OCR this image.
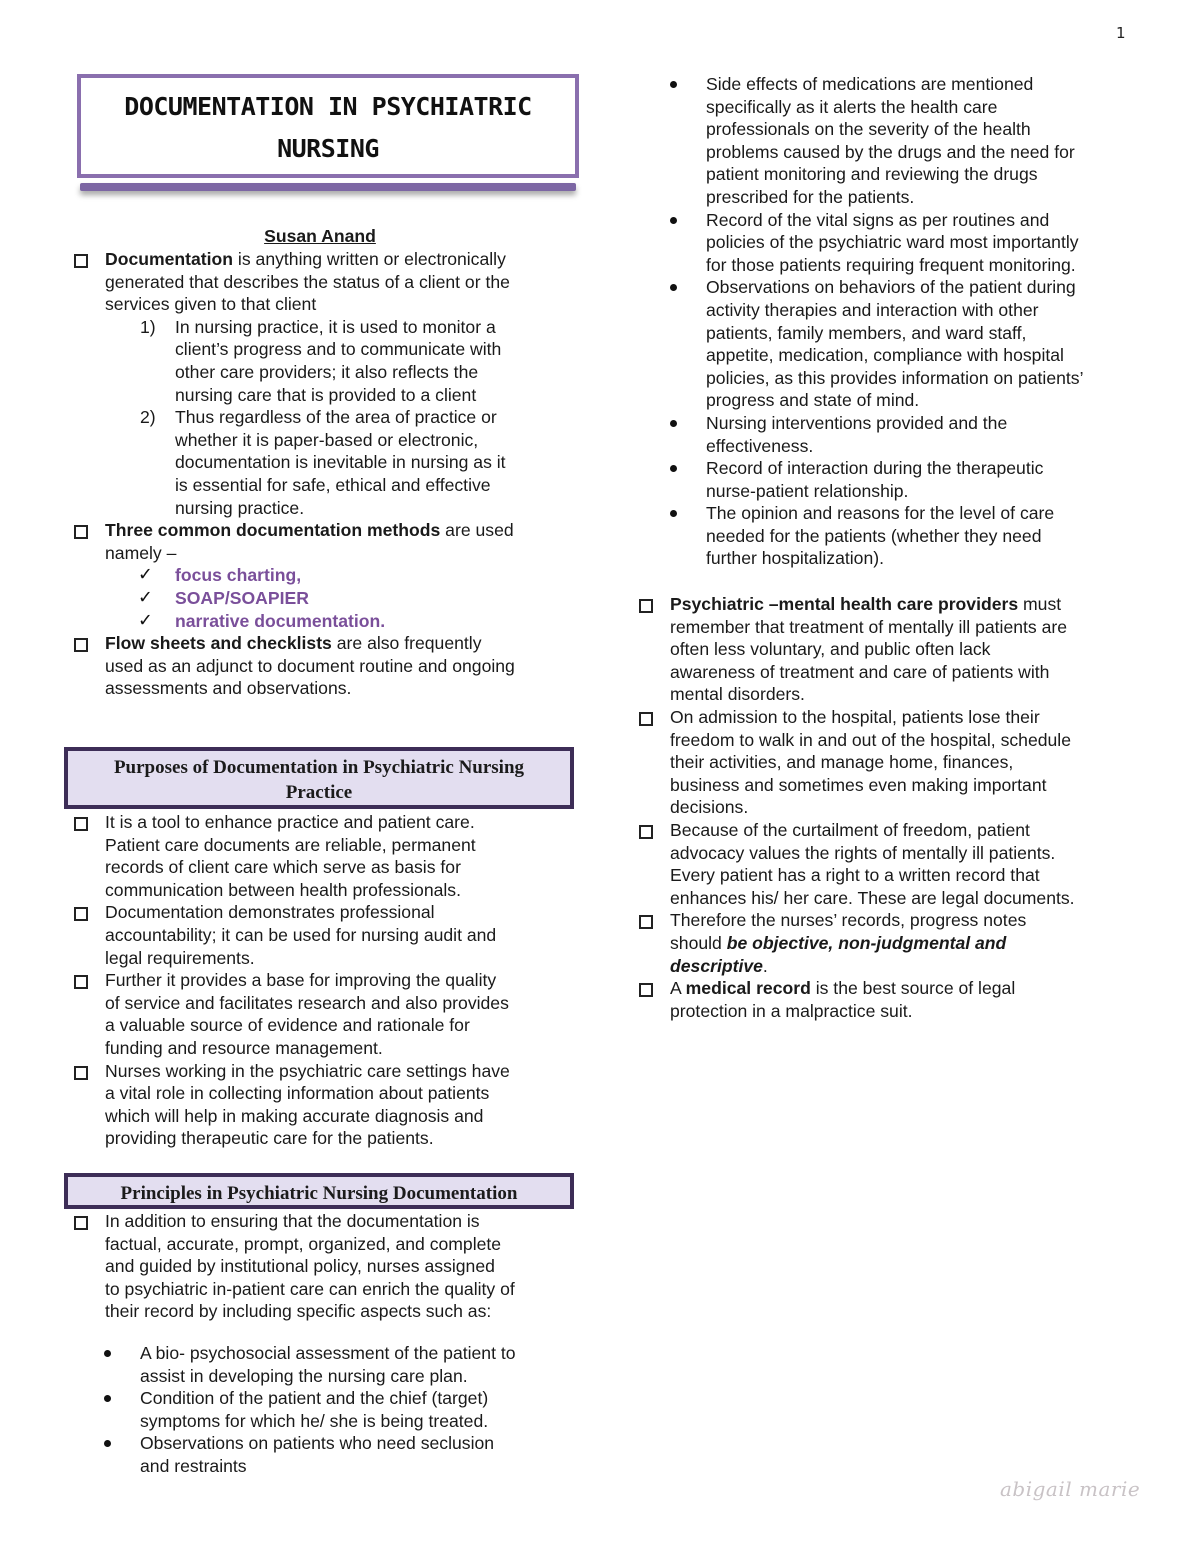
1
DOCUMENTATION IN PSYCHIATRIC
NURSING
Susan Anand
Documentation is anything written or electronically
generated that describes the status of a client or the
services given to that client
1) In nursing practice, it is used to monitor a
client’s progress and to communicate with
other care providers; it also reflects the
nursing care that is provided to a client
2) Thus regardless of the area of practice or
whether it is paper-based or electronic,
documentation is inevitable in nursing as it
is essential for safe, ethical and effective
nursing practice.
Three common documentation methods are used
namely –
✓ focus charting,
✓ SOAP/SOAPIER
✓ narrative documentation.
Flow sheets and checklists are also frequently
used as an adjunct to document routine and ongoing
assessments and observations.
Purposes of Documentation in Psychiatric Nursing
Practice
It is a tool to enhance practice and patient care.
Patient care documents are reliable, permanent
records of client care which serve as basis for
communication between health professionals.
Documentation demonstrates professional
accountability; it can be used for nursing audit and
legal requirements.
Further it provides a base for improving the quality
of service and facilitates research and also provides
a valuable source of evidence and rationale for
funding and resource management.
Nurses working in the psychiatric care settings have
a vital role in collecting information about patients
which will help in making accurate diagnosis and
providing therapeutic care for the patients.
Principles in Psychiatric Nursing Documentation
In addition to ensuring that the documentation is
factual, accurate, prompt, organized, and complete
and guided by institutional policy, nurses assigned
to psychiatric in-patient care can enrich the quality of
their record by including specific aspects such as:
A bio- psychosocial assessment of the patient to
assist in developing the nursing care plan.
Condition of the patient and the chief (target)
symptoms for which he/ she is being treated.
Observations on patients who need seclusion
and restraints
Side effects of medications are mentioned
specifically as it alerts the health care
professionals on the severity of the health
problems caused by the drugs and the need for
patient monitoring and reviewing the drugs
prescribed for the patients.
Record of the vital signs as per routines and
policies of the psychiatric ward most importantly
for those patients requiring frequent monitoring.
Observations on behaviors of the patient during
activity therapies and interaction with other
patients, family members, and ward staff,
appetite, medication, compliance with hospital
policies, as this provides information on patients’
progress and state of mind.
Nursing interventions provided and the
effectiveness.
Record of interaction during the therapeutic
nurse-patient relationship.
The opinion and reasons for the level of care
needed for the patients (whether they need
further hospitalization).
Psychiatric –mental health care providers must
remember that treatment of mentally ill patients are
often less voluntary, and public often lack
awareness of treatment and care of patients with
mental disorders.
On admission to the hospital, patients lose their
freedom to walk in and out of the hospital, schedule
their activities, and manage home, finances,
business and sometimes even making important
decisions.
Because of the curtailment of freedom, patient
advocacy values the rights of mentally ill patients.
Every patient has a right to a written record that
enhances his/ her care. These are legal documents.
Therefore the nurses’ records, progress notes
should be objective, non-judgmental and
descriptive.
A medical record is the best source of legal
protection in a malpractice suit.
abigail marie
